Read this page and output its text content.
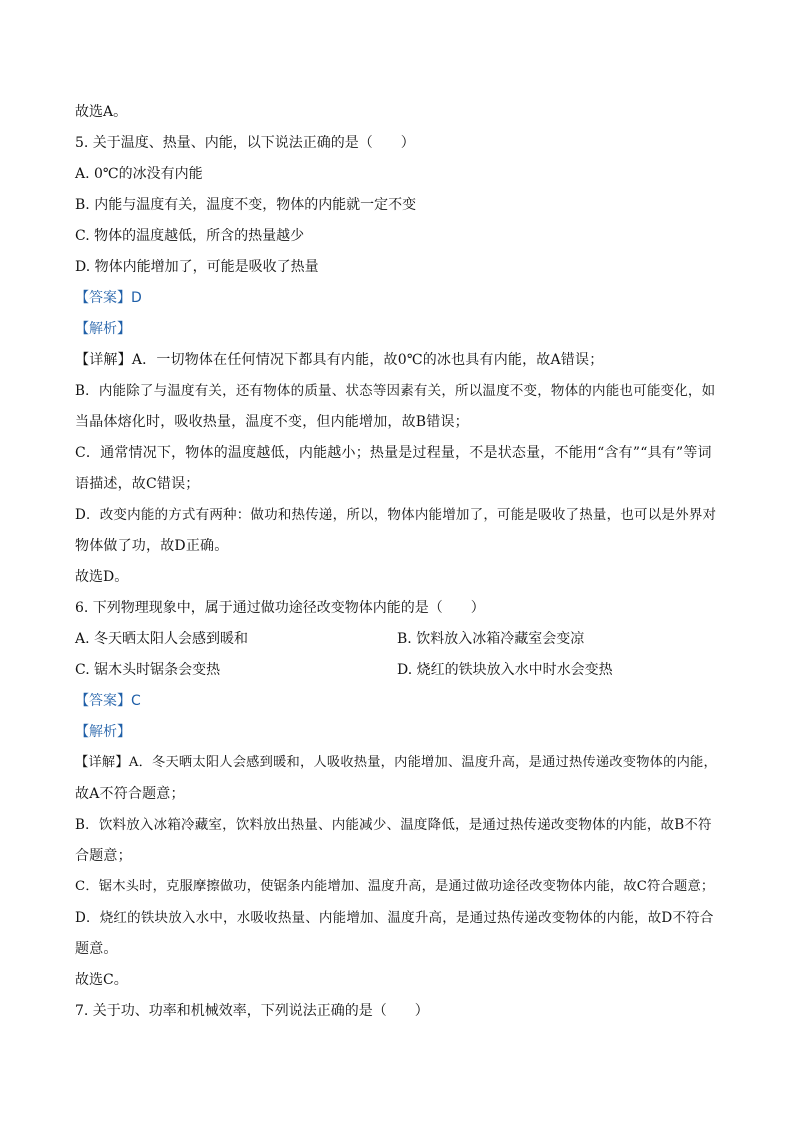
故选A。
5. 关于温度、热量、内能，以下说法正确的是（　　）
A. 0℃的冰没有内能
B. 内能与温度有关，温度不变，物体的内能就一定不变
C. 物体的温度越低，所含的热量越少
D. 物体内能增加了，可能是吸收了热量
【答案】D
【解析】
【详解】A．一切物体在任何情况下都具有内能，故0℃的冰也具有内能，故A错误；
B．内能除了与温度有关，还有物体的质量、状态等因素有关，所以温度不变，物体的内能也可能变化，如
当晶体熔化时，吸收热量，温度不变，但内能增加，故B错误；
C．通常情况下，物体的温度越低，内能越小；热量是过程量，不是状态量，不能用“含有”“具有”等词
语描述，故C错误；
D．改变内能的方式有两种：做功和热传递，所以，物体内能增加了，可能是吸收了热量，也可以是外界对
物体做了功，故D正确。
故选D。
6. 下列物理现象中，属于通过做功途径改变物体内能的是（　　）
A. 冬天晒太阳人会感到暖和	B. 饮料放入冰箱冷藏室会变凉
C. 锯木头时锯条会变热	D. 烧红的铁块放入水中时水会变热
【答案】C
【解析】
【详解】A．冬天晒太阳人会感到暖和，人吸收热量，内能增加、温度升高，是通过热传递改变物体的内能，
故A不符合题意；
B．饮料放入冰箱冷藏室，饮料放出热量、内能减少、温度降低，是通过热传递改变物体的内能，故B不符
合题意；
C．锯木头时，克服摩擦做功，使锯条内能增加、温度升高，是通过做功途径改变物体内能，故C符合题意；
D．烧红的铁块放入水中，水吸收热量、内能增加、温度升高，是通过热传递改变物体的内能，故D不符合
题意。
故选C。
7. 关于功、功率和机械效率，下列说法正确的是（　　）
